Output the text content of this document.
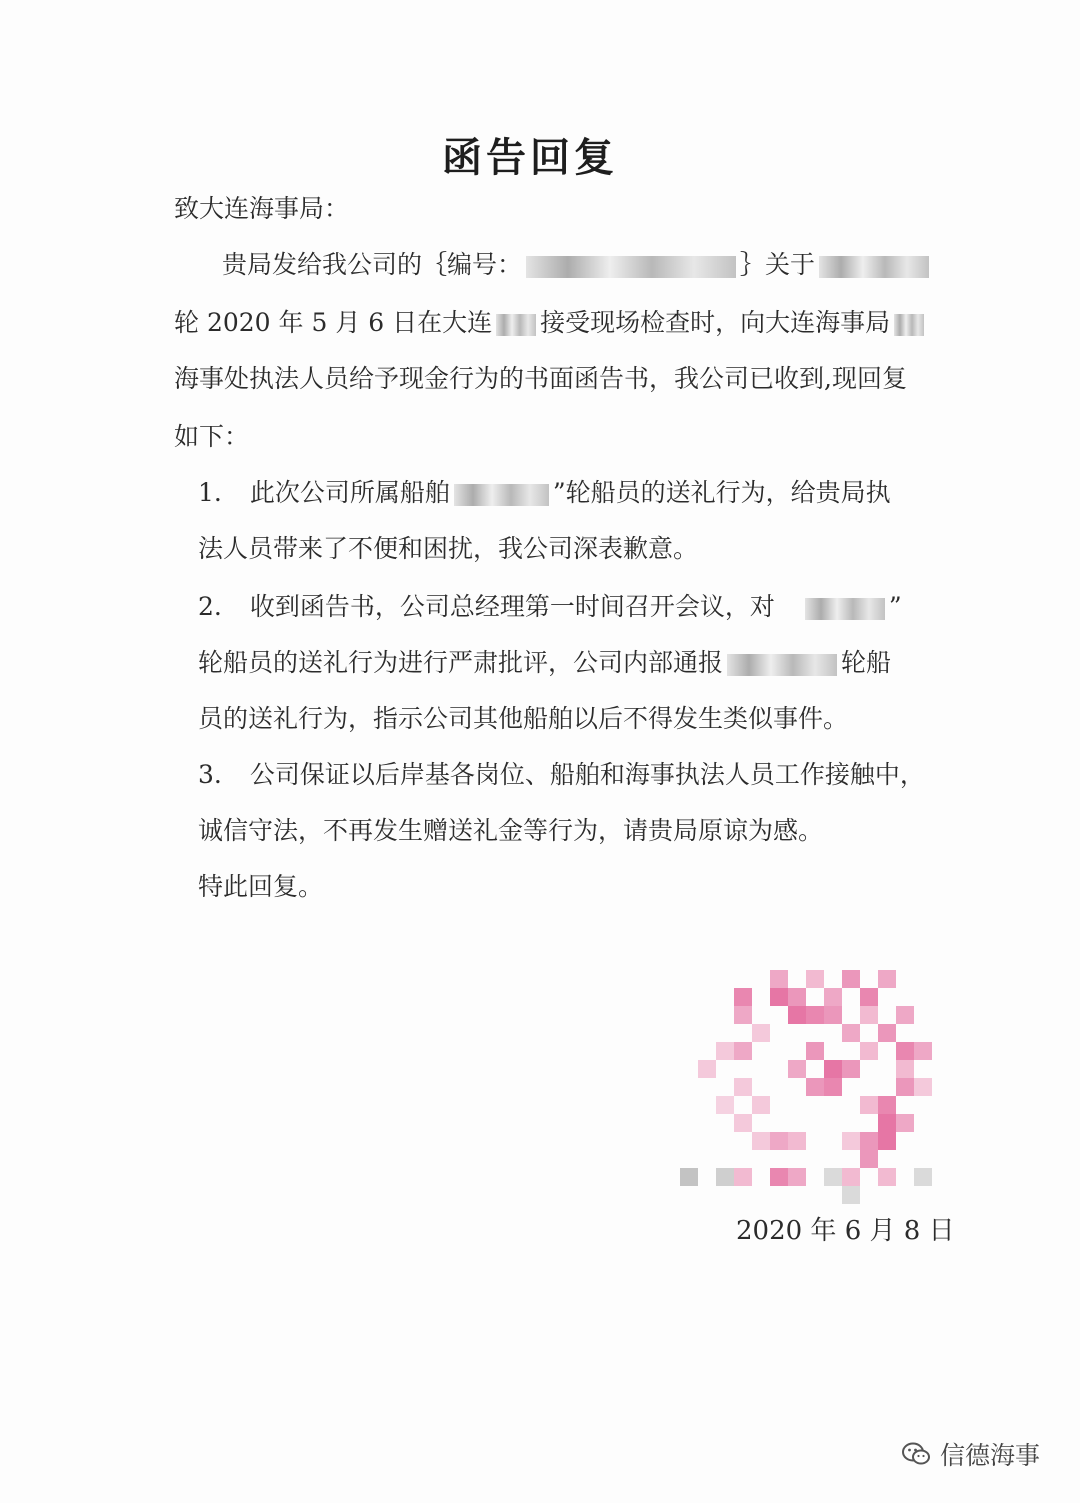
函告回复
致大连海事局：
贵局发给我公司的｛编号：	｝关于
轮 2020 年 5 月 6 日在大连 接受现场检查时，向大连海事局
海事处执法人员给予现金行为的书面函告书，我公司已收到,现回复
如下：
1. 此次公司所属船舶	”轮船员的送礼行为，给贵局执
法人员带来了不便和困扰，我公司深表歉意。
2. 收到函告书，公司总经理第一时间召开会议，对	”
轮船员的送礼行为进行严肃批评，公司内部通报	轮船
员的送礼行为，指示公司其他船舶以后不得发生类似事件。
3. 公司保证以后岸基各岗位、船舶和海事执法人员工作接触中，
诚信守法，不再发生赠送礼金等行为，请贵局原谅为感。
特此回复。
2020 年 6 月 8 日
信德海事
